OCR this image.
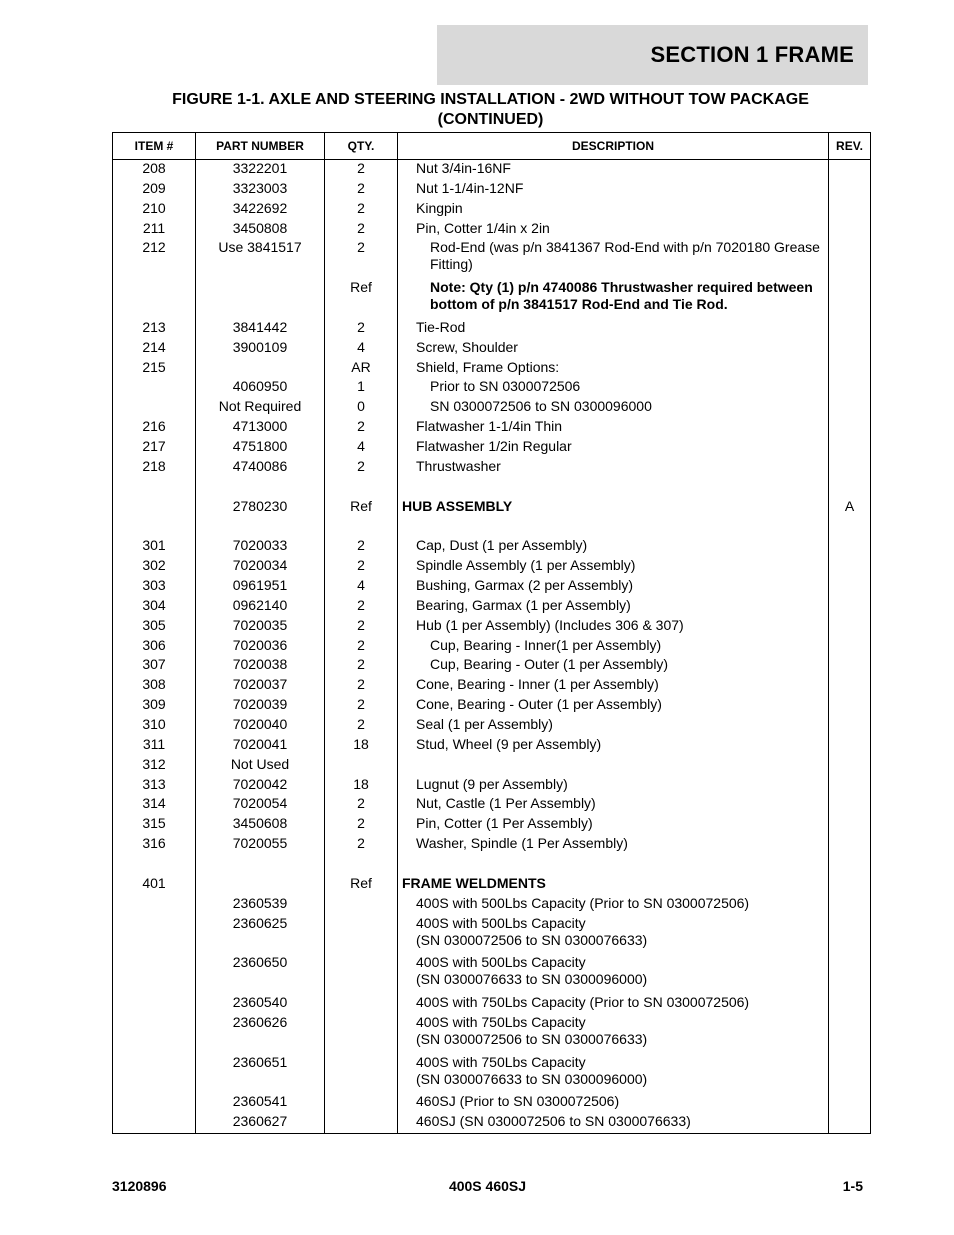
SECTION 1 FRAME
FIGURE 1-1. AXLE AND STEERING INSTALLATION - 2WD WITHOUT TOW PACKAGE
(CONTINUED)
ITEM #	PART NUMBER	QTY.	DESCRIPTION	REV.
208	3322201	2	Nut 3/4in-16NF	
209	3323003	2	Nut 1-1/4in-12NF	
210	3422692	2	Kingpin	
211	3450808	2	Pin, Cotter 1/4in x 2in	
212	Use 3841517	2	Rod-End (was p/n 3841367 Rod-End with p/n 7020180 Grease Fitting)	
		Ref	Note: Qty (1) p/n 4740086 Thrustwasher required between bottom of p/n 3841517 Rod-End and Tie Rod.	
213	3841442	2	Tie-Rod	
214	3900109	4	Screw, Shoulder	
215		AR	Shield, Frame Options:	
	4060950	1	Prior to SN 0300072506	
	Not Required	0	SN 0300072506 to SN 0300096000	
216	4713000	2	Flatwasher 1-1/4in Thin	
217	4751800	4	Flatwasher 1/2in Regular	
218	4740086	2	Thrustwasher	

	2780230	Ref	HUB ASSEMBLY	A

301	7020033	2	Cap, Dust (1 per Assembly)	
302	7020034	2	Spindle Assembly (1 per Assembly)	
303	0961951	4	Bushing, Garmax (2 per Assembly)	
304	0962140	2	Bearing, Garmax (1 per Assembly)	
305	7020035	2	Hub (1 per Assembly) (Includes 306 & 307)	
306	7020036	2	Cup, Bearing - Inner(1 per Assembly)	
307	7020038	2	Cup, Bearing - Outer (1 per Assembly)	
308	7020037	2	Cone, Bearing - Inner (1 per Assembly)	
309	7020039	2	Cone, Bearing - Outer (1 per Assembly)	
310	7020040	2	Seal (1 per Assembly)	
311	7020041	18	Stud, Wheel (9 per Assembly)	
312	Not Used			
313	7020042	18	Lugnut (9 per Assembly)	
314	7020054	2	Nut, Castle (1 Per Assembly)	
315	3450608	2	Pin, Cotter (1 Per Assembly)	
316	7020055	2	Washer, Spindle (1 Per Assembly)	

401		Ref	FRAME WELDMENTS	
	2360539		400S with 500Lbs Capacity (Prior to SN 0300072506)	
	2360625		400S with 500Lbs Capacity
(SN 0300072506 to SN 0300076633)	
	2360650		400S with 500Lbs Capacity
(SN 0300076633 to SN 0300096000)	
	2360540		400S with 750Lbs Capacity (Prior to SN 0300072506)	
	2360626		400S with 750Lbs Capacity
(SN 0300072506 to SN 0300076633)	
	2360651		400S with 750Lbs Capacity
(SN 0300076633 to SN 0300096000)	
	2360541		460SJ (Prior to SN 0300072506)	
	2360627		460SJ (SN 0300072506 to SN 0300076633)	

3120896	400S 460SJ	1-5
